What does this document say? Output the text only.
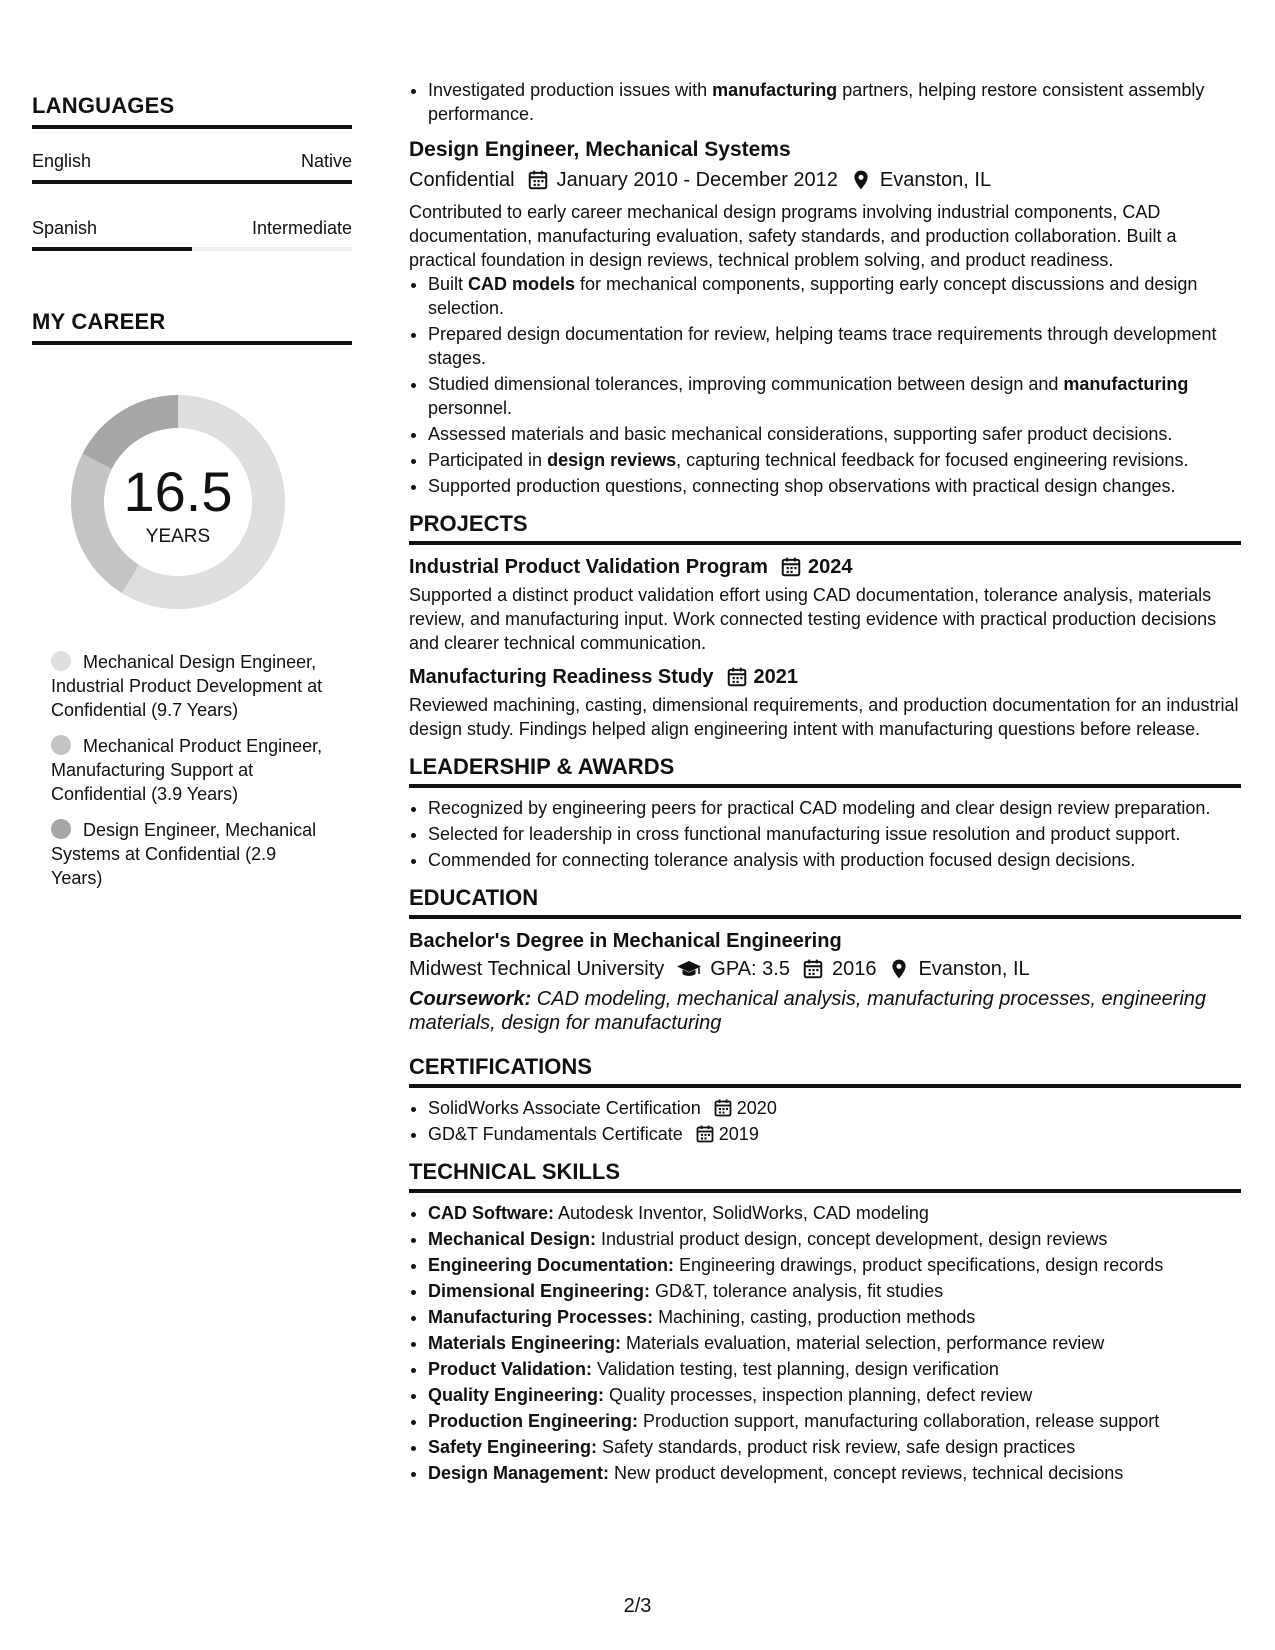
LANGUAGES
English	Native
Spanish	Intermediate
MY CAREER
16.5
YEARS
Mechanical Design Engineer, Industrial Product Development at Confidential (9.7 Years)
Mechanical Product Engineer, Manufacturing Support at Confidential (3.9 Years)
Design Engineer, Mechanical Systems at Confidential (2.9 Years)
• Investigated production issues with manufacturing partners, helping restore consistent assembly performance.
Design Engineer, Mechanical Systems
Confidential January 2010 - December 2012 Evanston, IL
Contributed to early career mechanical design programs involving industrial components, CAD documentation, manufacturing evaluation, safety standards, and production collaboration. Built a practical foundation in design reviews, technical problem solving, and product readiness.
• Built CAD models for mechanical components, supporting early concept discussions and design selection.
• Prepared design documentation for review, helping teams trace requirements through development stages.
• Studied dimensional tolerances, improving communication between design and manufacturing personnel.
• Assessed materials and basic mechanical considerations, supporting safer product decisions.
• Participated in design reviews, capturing technical feedback for focused engineering revisions.
• Supported production questions, connecting shop observations with practical design changes.
PROJECTS
Industrial Product Validation Program 2024
Supported a distinct product validation effort using CAD documentation, tolerance analysis, materials review, and manufacturing input. Work connected testing evidence with practical production decisions and clearer technical communication.
Manufacturing Readiness Study 2021
Reviewed machining, casting, dimensional requirements, and production documentation for an industrial design study. Findings helped align engineering intent with manufacturing questions before release.
LEADERSHIP & AWARDS
• Recognized by engineering peers for practical CAD modeling and clear design review preparation.
• Selected for leadership in cross functional manufacturing issue resolution and product support.
• Commended for connecting tolerance analysis with production focused design decisions.
EDUCATION
Bachelor's Degree in Mechanical Engineering
Midwest Technical University GPA: 3.5 2016 Evanston, IL
Coursework: CAD modeling, mechanical analysis, manufacturing processes, engineering materials, design for manufacturing
CERTIFICATIONS
• SolidWorks Associate Certification 2020
• GD&T Fundamentals Certificate 2019
TECHNICAL SKILLS
• CAD Software: Autodesk Inventor, SolidWorks, CAD modeling
• Mechanical Design: Industrial product design, concept development, design reviews
• Engineering Documentation: Engineering drawings, product specifications, design records
• Dimensional Engineering: GD&T, tolerance analysis, fit studies
• Manufacturing Processes: Machining, casting, production methods
• Materials Engineering: Materials evaluation, material selection, performance review
• Product Validation: Validation testing, test planning, design verification
• Quality Engineering: Quality processes, inspection planning, defect review
• Production Engineering: Production support, manufacturing collaboration, release support
• Safety Engineering: Safety standards, product risk review, safe design practices
• Design Management: New product development, concept reviews, technical decisions
2/3
